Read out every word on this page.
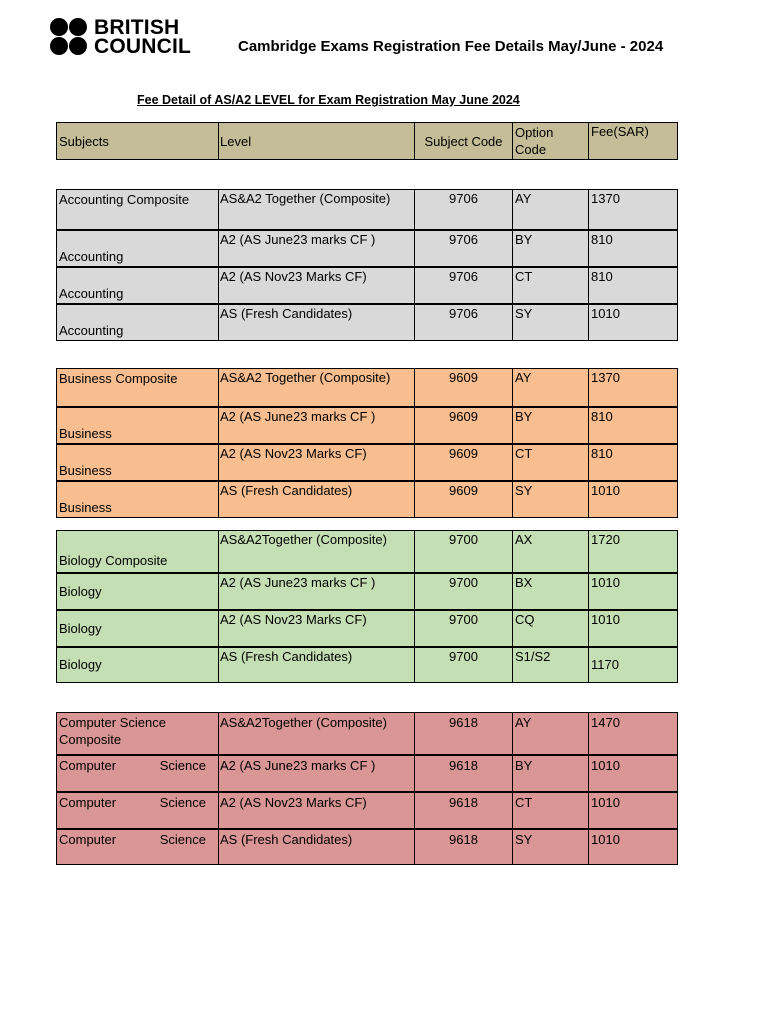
BRITISH
COUNCIL	Cambridge Exams Registration Fee Details May/June - 2024
Fee Detail of AS/A2 LEVEL for Exam Registration May June 2024
Subjects	Level	Subject Code	Option Code	Fee(SAR)
Accounting Composite	AS&A2 Together (Composite)	9706	AY	1370
Accounting	A2 (AS June23 marks CF )	9706	BY	810
Accounting	A2 (AS Nov23 Marks CF)	9706	CT	810
Accounting	AS (Fresh Candidates)	9706	SY	1010
Business Composite	AS&A2 Together (Composite)	9609	AY	1370
Business	A2 (AS June23 marks CF )	9609	BY	810
Business	A2 (AS Nov23 Marks CF)	9609	CT	810
Business	AS (Fresh Candidates)	9609	SY	1010
Biology Composite	AS&A2Together (Composite)	9700	AX	1720
Biology	A2 (AS June23 marks CF )	9700	BX	1010
Biology	A2 (AS Nov23 Marks CF)	9700	CQ	1010
Biology	AS (Fresh Candidates)	9700	S1/S2	1170
Computer Science Composite	AS&A2Together (Composite)	9618	AY	1470
Computer Science	A2 (AS June23 marks CF )	9618	BY	1010
Computer Science	A2 (AS Nov23 Marks CF)	9618	CT	1010
Computer Science	AS (Fresh Candidates)	9618	SY	1010
